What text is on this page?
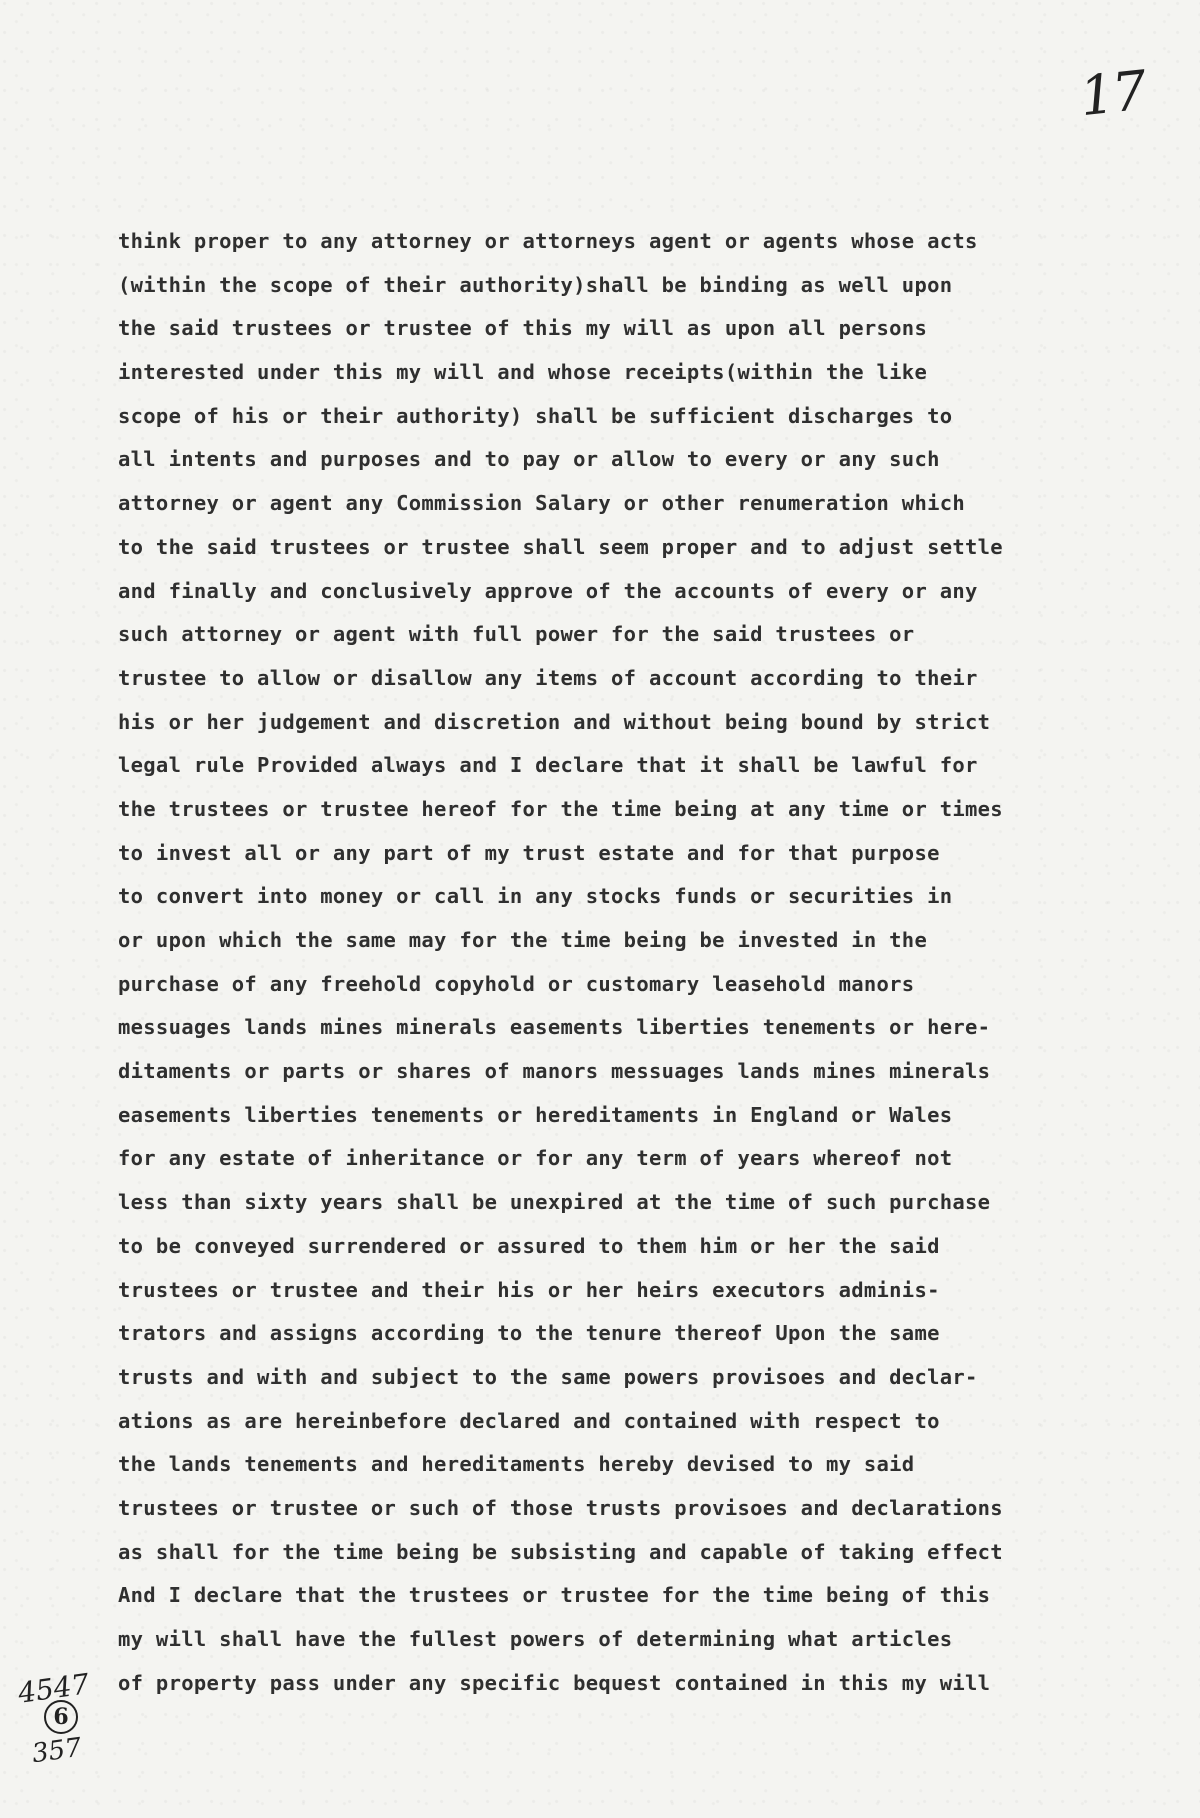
17
think proper to any attorney or attorneys agent or agents whose acts
(within the scope of their authority)shall be binding as well upon
the said trustees or trustee of this my will as upon all persons
interested under this my will and whose receipts(within the like
scope of his or their authority) shall be sufficient discharges to
all intents and purposes and to pay or allow to every or any such
attorney or agent any Commission Salary or other renumeration which
to the said trustees or trustee shall seem proper and to adjust settle
and finally and conclusively approve of the accounts of every or any
such attorney or agent with full power for the said trustees or
trustee to allow or disallow any items of account according to their
his or her judgement and discretion and without being bound by strict
legal rule Provided always and I declare that it shall be lawful for
the trustees or trustee hereof for the time being at any time or times
to invest all or any part of my trust estate and for that purpose
to convert into money or call in any stocks funds or securities in
or upon which the same may for the time being be invested in the
purchase of any freehold copyhold or customary leasehold manors
messuages lands mines minerals easements liberties tenements or here-
ditaments or parts or shares of manors messuages lands mines minerals
easements liberties tenements or hereditaments in England or Wales
for any estate of inheritance or for any term of years whereof not
less than sixty years shall be unexpired at the time of such purchase
to be conveyed surrendered or assured to them him or her the said
trustees or trustee and their his or her heirs executors adminis-
trators and assigns according to the tenure thereof Upon the same
trusts and with and subject to the same powers provisoes and declar-
ations as are hereinbefore declared and contained with respect to
the lands tenements and hereditaments hereby devised to my said
trustees or trustee or such of those trusts provisoes and declarations
as shall for the time being be subsisting and capable of taking effect
And I declare that the trustees or trustee for the time being of this
my will shall have the fullest powers of determining what articles
of property pass under any specific bequest contained in this my will
4547
6
357
